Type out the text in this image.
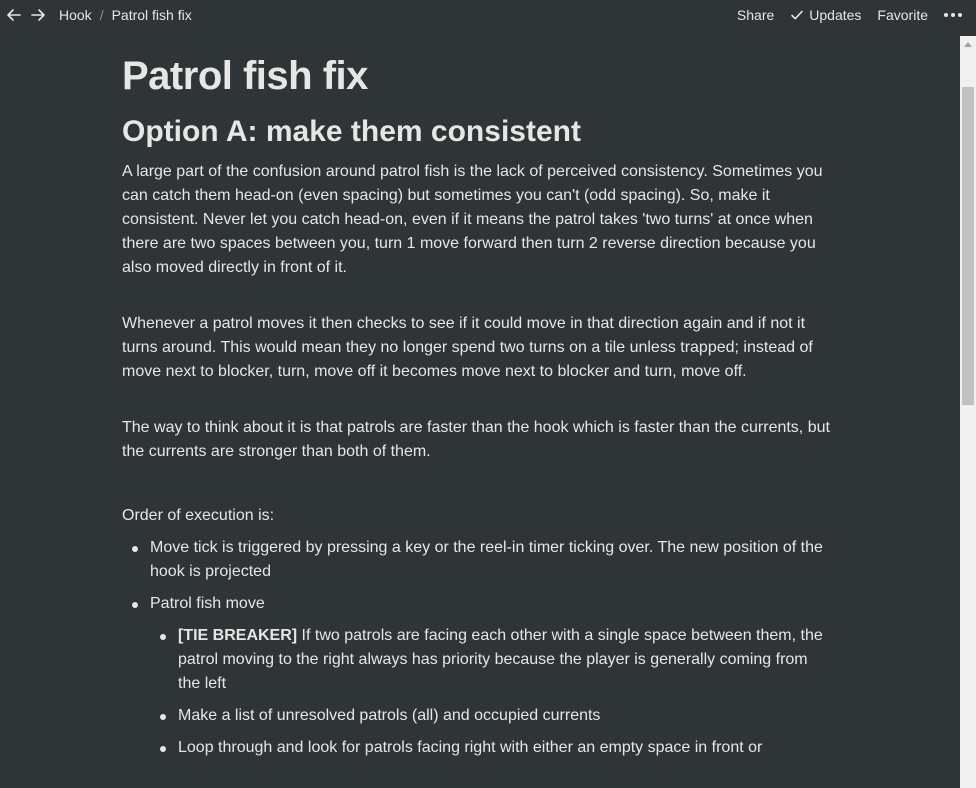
Hook / Patrol fish fix	Share	Updates Favorite
Patrol fish fix
Option A: make them consistent

A large part of the confusion around patrol fish is the lack of perceived consistency. Sometimes you can catch them head-on (even spacing) but sometimes you can't (odd spacing). So, make it consistent. Never let you catch head-on, even if it means the patrol takes 'two turns' at once when there are two spaces between you, turn 1 move forward then turn 2 reverse direction because you also moved directly in front of it.

Whenever a patrol moves it then checks to see if it could move in that direction again and if not it turns around. This would mean they no longer spend two turns on a tile unless trapped; instead of move next to blocker, turn, move off it becomes move next to blocker and turn, move off.

The way to think about it is that patrols are faster than the hook which is faster than the currents, but the currents are stronger than both of them.

Order of execution is:

Move tick is triggered by pressing a key or the reel-in timer ticking over. The new position of the hook is projected
Patrol fish move
[TIE BREAKER] If two patrols are facing each other with a single space between them, the patrol moving to the right always has priority because the player is generally coming from the left
Make a list of unresolved patrols (all) and occupied currents
Loop through and look for patrols facing right with either an empty space in front or
